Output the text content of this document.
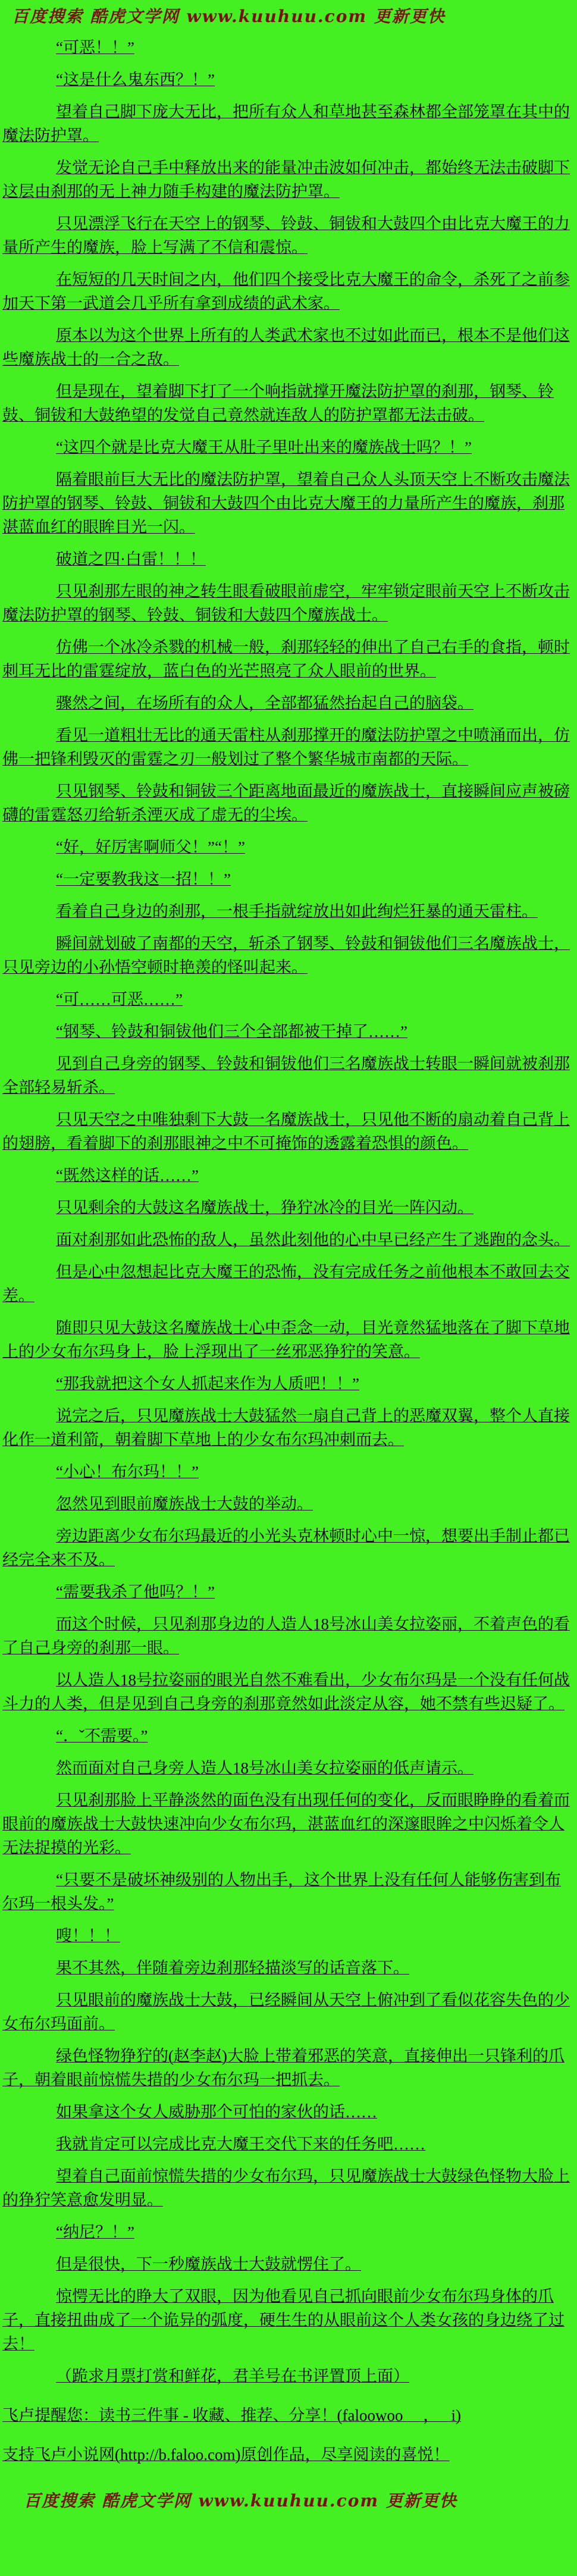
百度搜索 酷虎文学网 www.kuuhuu.com 更新更快

“可恶！！”

“这是什么鬼东西？！”

望着自己脚下庞大无比，把所有众人和草地甚至森林都全部笼罩在其中的魔法防护罩。

发觉无论自己手中释放出来的能量冲击波如何冲击，都始终无法击破脚下这层由刹那的无上神力随手构建的魔法防护罩。

只见漂浮飞行在天空上的钢琴、铃鼓、铜钹和大鼓四个由比克大魔王的力量所产生的魔族，脸上写满了不信和震惊。

在短短的几天时间之内，他们四个接受比克大魔王的命令，杀死了之前参加天下第一武道会几乎所有拿到成绩的武术家。

原本以为这个世界上所有的人类武术家也不过如此而已，根本不是他们这些魔族战士的一合之敌。

但是现在，望着脚下打了一个响指就撑开魔法防护罩的刹那，钢琴、铃鼓、铜钹和大鼓绝望的发觉自己竟然就连敌人的防护罩都无法击破。

“这四个就是比克大魔王从肚子里吐出来的魔族战士吗？！”

隔着眼前巨大无比的魔法防护罩，望着自己众人头顶天空上不断攻击魔法防护罩的钢琴、铃鼓、铜钹和大鼓四个由比克大魔王的力量所产生的魔族，刹那湛蓝血红的眼眸目光一闪。

破道之四·白雷！！！

只见刹那左眼的神之转生眼看破眼前虚空，牢牢锁定眼前天空上不断攻击魔法防护罩的钢琴、铃鼓、铜钹和大鼓四个魔族战士。

仿佛一个冰冷杀戮的机械一般，刹那轻轻的伸出了自己右手的食指，顿时刺耳无比的雷霆绽放，蓝白色的光芒照亮了众人眼前的世界。

骤然之间，在场所有的众人，全部都猛然抬起自己的脑袋。

看见一道粗壮无比的通天雷柱从刹那撑开的魔法防护罩之中喷涌而出，仿佛一把锋利毁灭的雷霆之刃一般划过了整个繁华城市南都的天际。

只见钢琴、铃鼓和铜钹三个距离地面最近的魔族战士，直接瞬间应声被磅礴的雷霆怒刃给斩杀湮灭成了虚无的尘埃。

“好，好厉害啊师父！”“！”

“一定要教我这一招！！”

看着自己身边的刹那，一根手指就绽放出如此绚烂狂暴的通天雷柱。

瞬间就划破了南都的天空，斩杀了钢琴、铃鼓和铜钹他们三名魔族战士，只见旁边的小孙悟空顿时艳羡的怪叫起来。

“可……可恶……”

“钢琴、铃鼓和铜钹他们三个全部都被干掉了……”

见到自己身旁的钢琴、铃鼓和铜钹他们三名魔族战士转眼一瞬间就被刹那全部轻易斩杀。

只见天空之中唯独剩下大鼓一名魔族战士，只见他不断的扇动着自己背上的翅膀，看着脚下的刹那眼神之中不可掩饰的透露着恐惧的颜色。

“既然这样的话……”

只见剩余的大鼓这名魔族战士，狰狞冰冷的目光一阵闪动。

面对刹那如此恐怖的敌人，虽然此刻他的心中早已经产生了逃跑的念头。

但是心中忽想起比克大魔王的恐怖，没有完成任务之前他根本不敢回去交差。

随即只见大鼓这名魔族战士心中歪念一动，目光竟然猛地落在了脚下草地上的少女布尔玛身上，脸上浮现出了一丝邪恶狰狞的笑意。

“那我就把这个女人抓起来作为人质吧！！”

说完之后，只见魔族战士大鼓猛然一扇自己背上的恶魔双翼，整个人直接化作一道利箭，朝着脚下草地上的少女布尔玛冲刺而去。

“小心！布尔玛！！”

忽然见到眼前魔族战士大鼓的举动。

旁边距离少女布尔玛最近的小光头克林顿时心中一惊，想要出手制止都已经完全来不及。

“需要我杀了他吗？！”

而这个时候，只见刹那身边的人造人18号冰山美女拉姿丽，不着声色的看了自己身旁的刹那一眼。

以人造人18号拉姿丽的眼光自然不难看出，少女布尔玛是一个没有任何战斗力的人类，但是见到自己身旁的刹那竟然如此淡定从容，她不禁有些迟疑了。

“．ˇ不需要。”

然而面对自己身旁人造人18号冰山美女拉姿丽的低声请示。

只见刹那脸上平静淡然的面色没有出现任何的变化，反而眼睁睁的看着而眼前的魔族战士大鼓快速冲向少女布尔玛，湛蓝血红的深邃眼眸之中闪烁着令人无法捉摸的光彩。

“只要不是破坏神级别的人物出手，这个世界上没有任何人能够伤害到布尔玛一根头发。”

嗖！！！

果不其然，伴随着旁边刹那轻描淡写的话音落下。

只见眼前的魔族战士大鼓，已经瞬间从天空上俯冲到了看似花容失色的少女布尔玛面前。

绿色怪物狰狞的(赵李赵)大脸上带着邪恶的笑意，直接伸出一只锋利的爪子，朝着眼前惊慌失措的少女布尔玛一把抓去。

如果拿这个女人威胁那个可怕的家伙的话……

我就肯定可以完成比克大魔王交代下来的任务吧……

望着自己面前惊慌失措的少女布尔玛，只见魔族战士大鼓绿色怪物大脸上的狰狞笑意愈发明显。

“纳尼？！”

但是很快，下一秒魔族战士大鼓就愣住了。

惊愕无比的睁大了双眼，因为他看见自己抓向眼前少女布尔玛身体的爪子，直接扭曲成了一个诡异的弧度，硬生生的从眼前这个人类女孩的身边绕了过去！

（跪求月票打赏和鲜花，君羊号在书评置顶上面）

飞卢提醒您：读书三件事 - 收藏、推荐、分享！(faloowoo 　，　 i)

支持飞卢小说网(http://b.faloo.com)原创作品，尽享阅读的喜悦！

百度搜索 酷虎文学网 www.kuuhuu.com 更新更快
